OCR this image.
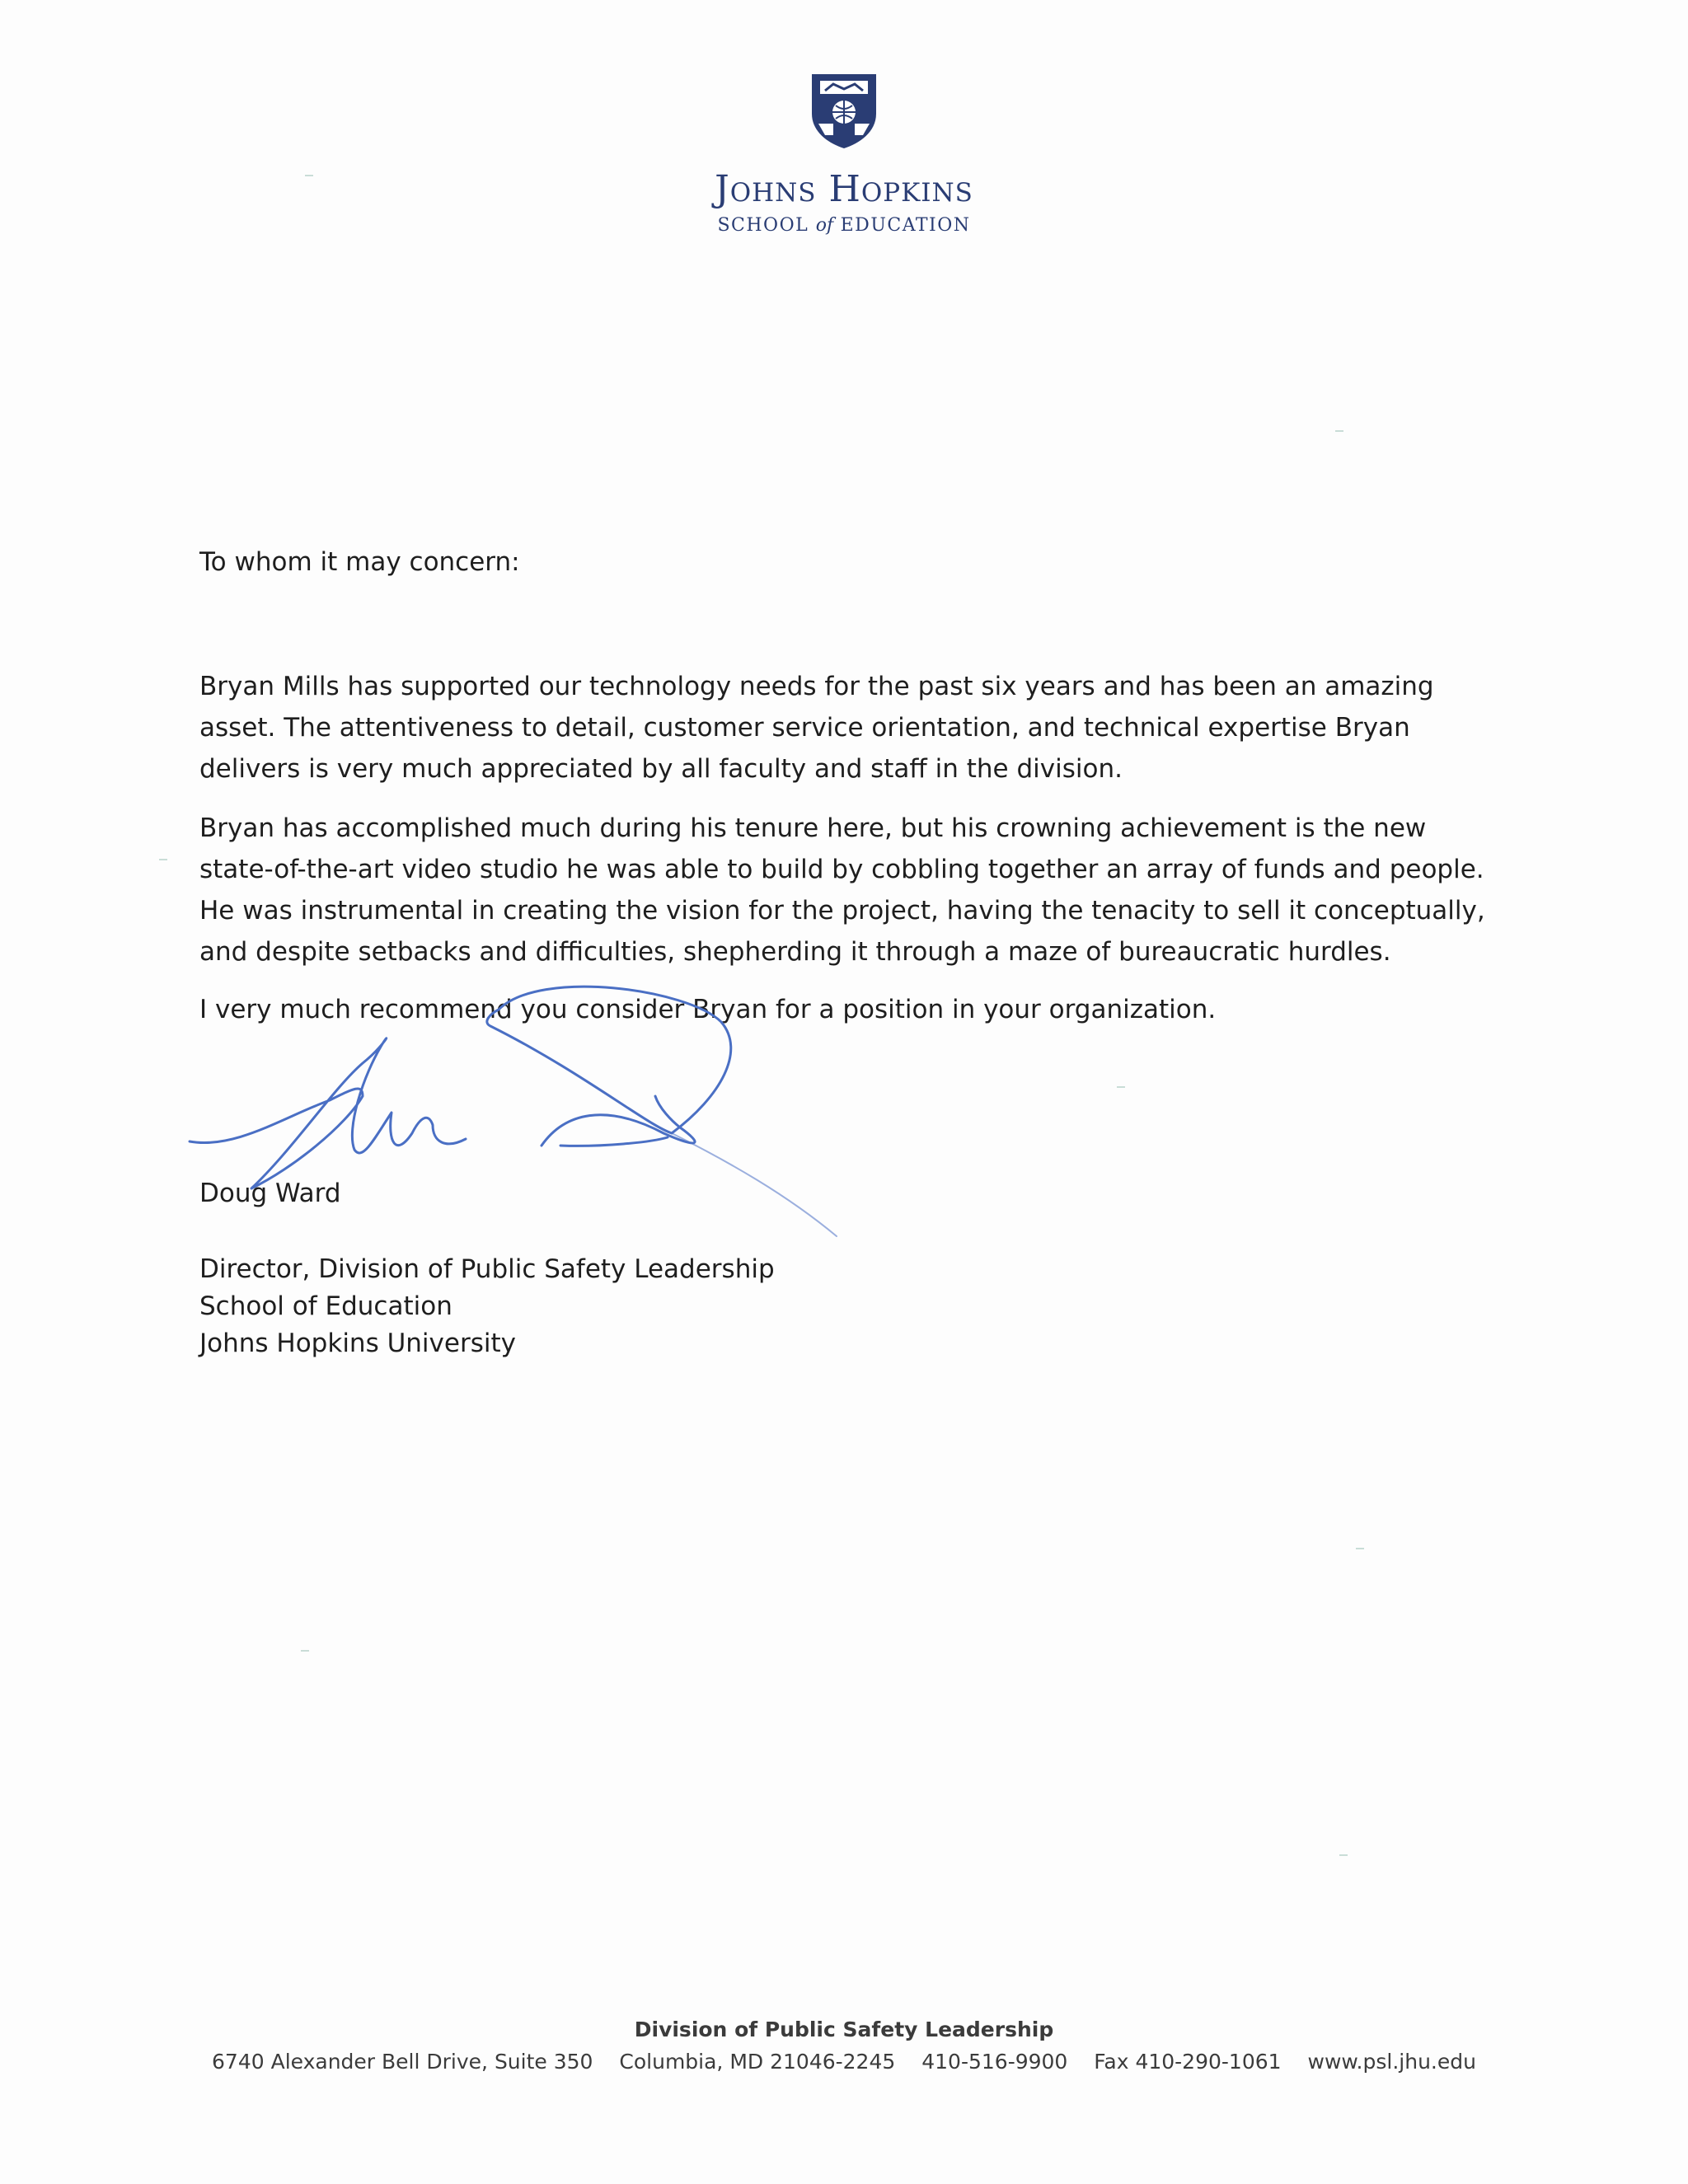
Johns Hopkins
SCHOOL of EDUCATION
To whom it may concern:

Bryan Mills has supported our technology needs for the past six years and has been an amazing asset. The attentiveness to detail, customer service orientation, and technical expertise Bryan delivers is very much appreciated by all faculty and staff in the division.

Bryan has accomplished much during his tenure here, but his crowning achievement is the new state-of-the-art video studio he was able to build by cobbling together an array of funds and people. He was instrumental in creating the vision for the project, having the tenacity to sell it conceptually, and despite setbacks and difficulties, shepherding it through a maze of bureaucratic hurdles.

I very much recommend you consider Bryan for a position in your organization.

Doug Ward
Director, Division of Public Safety Leadership
School of Education
Johns Hopkins University
Division of Public Safety Leadership
6740 Alexander Bell Drive, Suite 350 Columbia, MD 21046-2245 410-516-9900 Fax 410-290-1061 www.psl.jhu.edu
